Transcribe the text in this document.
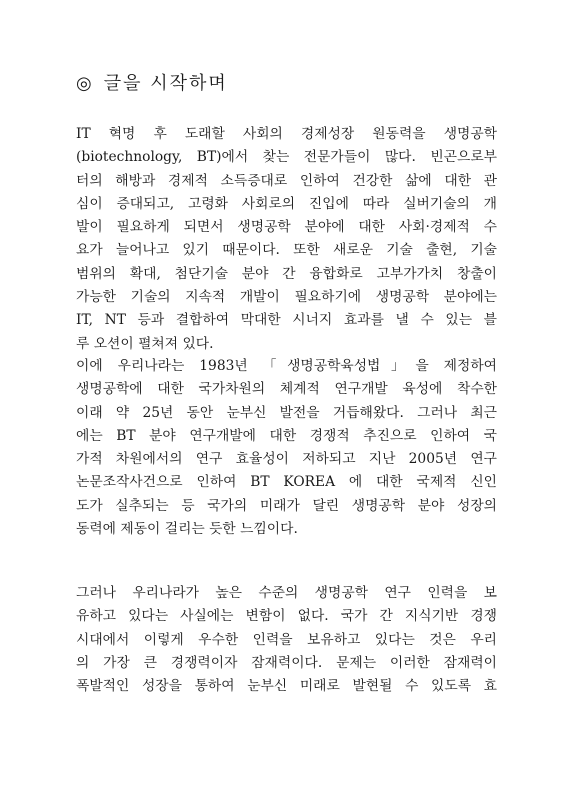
◎ 글을 시작하며
IT 혁명 후 도래할 사회의 경제성장 원동력을 생명공학
(biotechnology, BT)에서 찾는 전문가들이 많다. 빈곤으로부
터의 해방과 경제적 소득증대로 인하여 건강한 삶에 대한 관
심이 증대되고, 고령화 사회로의 진입에 따라 실버기술의 개
발이 필요하게 되면서 생명공학 분야에 대한 사회·경제적 수
요가 늘어나고 있기 때문이다. 또한 새로운 기술 출현, 기술
범위의 확대, 첨단기술 분야 간 융합화로 고부가가치 창출이
가능한 기술의 지속적 개발이 필요하기에 생명공학 분야에는
IT, NT 등과 결합하여 막대한 시너지 효과를 낼 수 있는 블
루 오션이 펼쳐져 있다.
이에 우리나라는 1983년 「생명공학육성법」을 제정하여
생명공학에 대한 국가차원의 체계적 연구개발 육성에 착수한
이래 약 25년 동안 눈부신 발전을 거듭해왔다. 그러나 최근
에는 BT 분야 연구개발에 대한 경쟁적 추진으로 인하여 국
가적 차원에서의 연구 효율성이 저하되고 지난 2005년 연구
논문조작사건으로 인하여 BT KOREA 에 대한 국제적 신인
도가 실추되는 등 국가의 미래가 달린 생명공학 분야 성장의
동력에 제동이 걸리는 듯한 느낌이다.
그러나 우리나라가 높은 수준의 생명공학 연구 인력을 보
유하고 있다는 사실에는 변함이 없다. 국가 간 지식기반 경쟁
시대에서 이렇게 우수한 인력을 보유하고 있다는 것은 우리
의 가장 큰 경쟁력이자 잠재력이다. 문제는 이러한 잠재력이
폭발적인 성장을 통하여 눈부신 미래로 발현될 수 있도록 효
